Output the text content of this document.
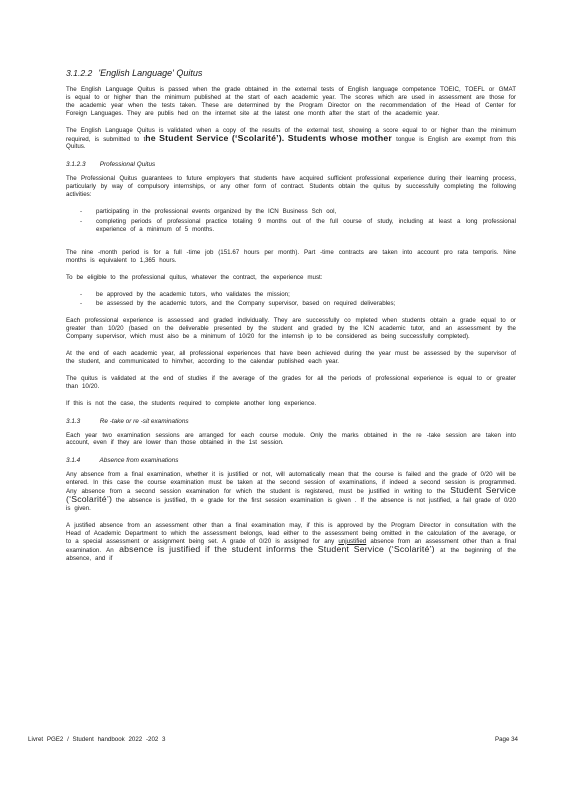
3.1.2.2 'English Language' Quitus

The English Language Quitus is passed when the grade obtained in the external tests of English language competence TOEIC, TOEFL or GMAT is equal to or higher than the minimum published at the start of each academic year. The scores which are used in assessment are those for the academic year when the tests taken. These are determined by the Program Director on the recommendation of the Head of Center for Foreign Languages. They are publis hed on the internet site at the latest one month after the start of the academic year.

The English Language Quitus is validated when a copy of the results of the external test, showing a score equal to or higher than the minimum required, is submitted to the Student Service (‘Scolarité’). Students whose mother tongue is English are exempt from this Quitus.

3.1.2.3 Professional Quitus

The Professional Quitus guarantees to future employers that students have acquired sufficient professional experience during their learning process, particularly by way of compulsory internships, or any other form of contract. Students obtain the quitus by successfully completing the following activities:

- participating in the professional events organized by the ICN Business Sch ool,
- completing periods of professional practice totaling 9 months out of the full course of study, including at least a long professional experience of a minimum of 5 months.

The nine -month period is for a full -time job (151.67 hours per month). Part -time contracts are taken into account pro rata temporis. Nine months is equivalent to 1,365 hours.

To be eligible to the professional quitus, whatever the contract, the experience must:

- be approved by the academic tutors, who validates the mission;
- be assessed by the academic tutors, and the Company supervisor, based on required deliverables;

Each professional experience is assessed and graded individually. They are successfully co mpleted when students obtain a grade equal to or greater than 10/20 (based on the deliverable presented by the student and graded by the ICN academic tutor, and an assessment by the Company supervisor, which must also be a minimum of 10/20 for the internsh ip to be considered as being successfully completed).

At the end of each academic year, all professional experiences that have been achieved during the year must be assessed by the supervisor of the student, and communicated to him/her, according to the calendar published each year.

The quitus is validated at the end of studies if the average of the grades for all the periods of professional experience is equal to or greater than 10/20.

If this is not the case, the students required to complete another long experience.

3.1.3	Re -take or re -sit examinations

Each year two examination sessions are arranged for each course module. Only the marks obtained in the re -take session are taken into account, even if they are lower than those obtained in the 1st session.

3.1.4	Absence from examinations

Any absence from a final examination, whether it is justified or not, will automatically mean that the course is failed and the grade of 0/20 will be entered. In this case the course examination must be taken at the second session of examinations, if indeed a second session is programmed. Any absence from a second session examination for which the student is registered, must be justified in writing to the Student Service (‘Scolarité’) the absence is justified, th e grade for the first session examination is given . If the absence is not justified, a fail grade of 0/20 is given.

A justified absence from an assessment other than a final examination may, if this is approved by the Program Director in consultation with the Head of Academic Department to which the assessment belongs, lead either to the assessment being omitted in the calculation of the average, or to a special assessment or assignment being set. A grade of 0/20 is assigned for any unjustified absence from an assessment other than a final examination. An absence is justified if the student informs the Student Service (‘Scolarité’) at the beginning of the absence, and if

Livret PGE2 / Student handbook 2022 -202 3	Page 34
